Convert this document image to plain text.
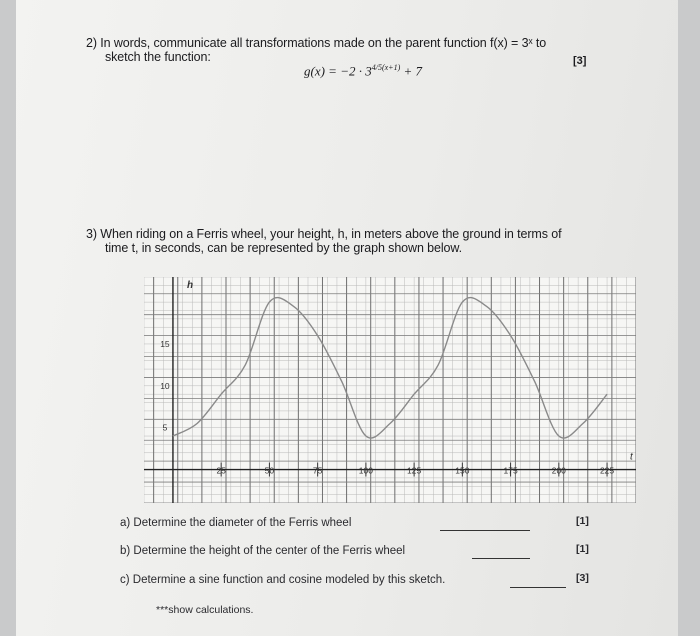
2) In words, communicate all transformations made on the parent function f(x) = 3ˣ to
sketch the function:	[3]
$g(x) = -2 \cdot 3^{4/5(x+1)} + 7$
3) When riding on a Ferris wheel, your height, h, in meters above the ground in terms of
time t, in seconds, can be represented by the graph shown below.
25	50	75	100	125	150	175	200	225
5
10
15
h
t
a) Determine the diameter of the Ferris wheel	[1]
b) Determine the height of the center of the Ferris wheel	[1]
c) Determine a sine function and cosine modeled by this sketch.	[3]
***show calculations.
